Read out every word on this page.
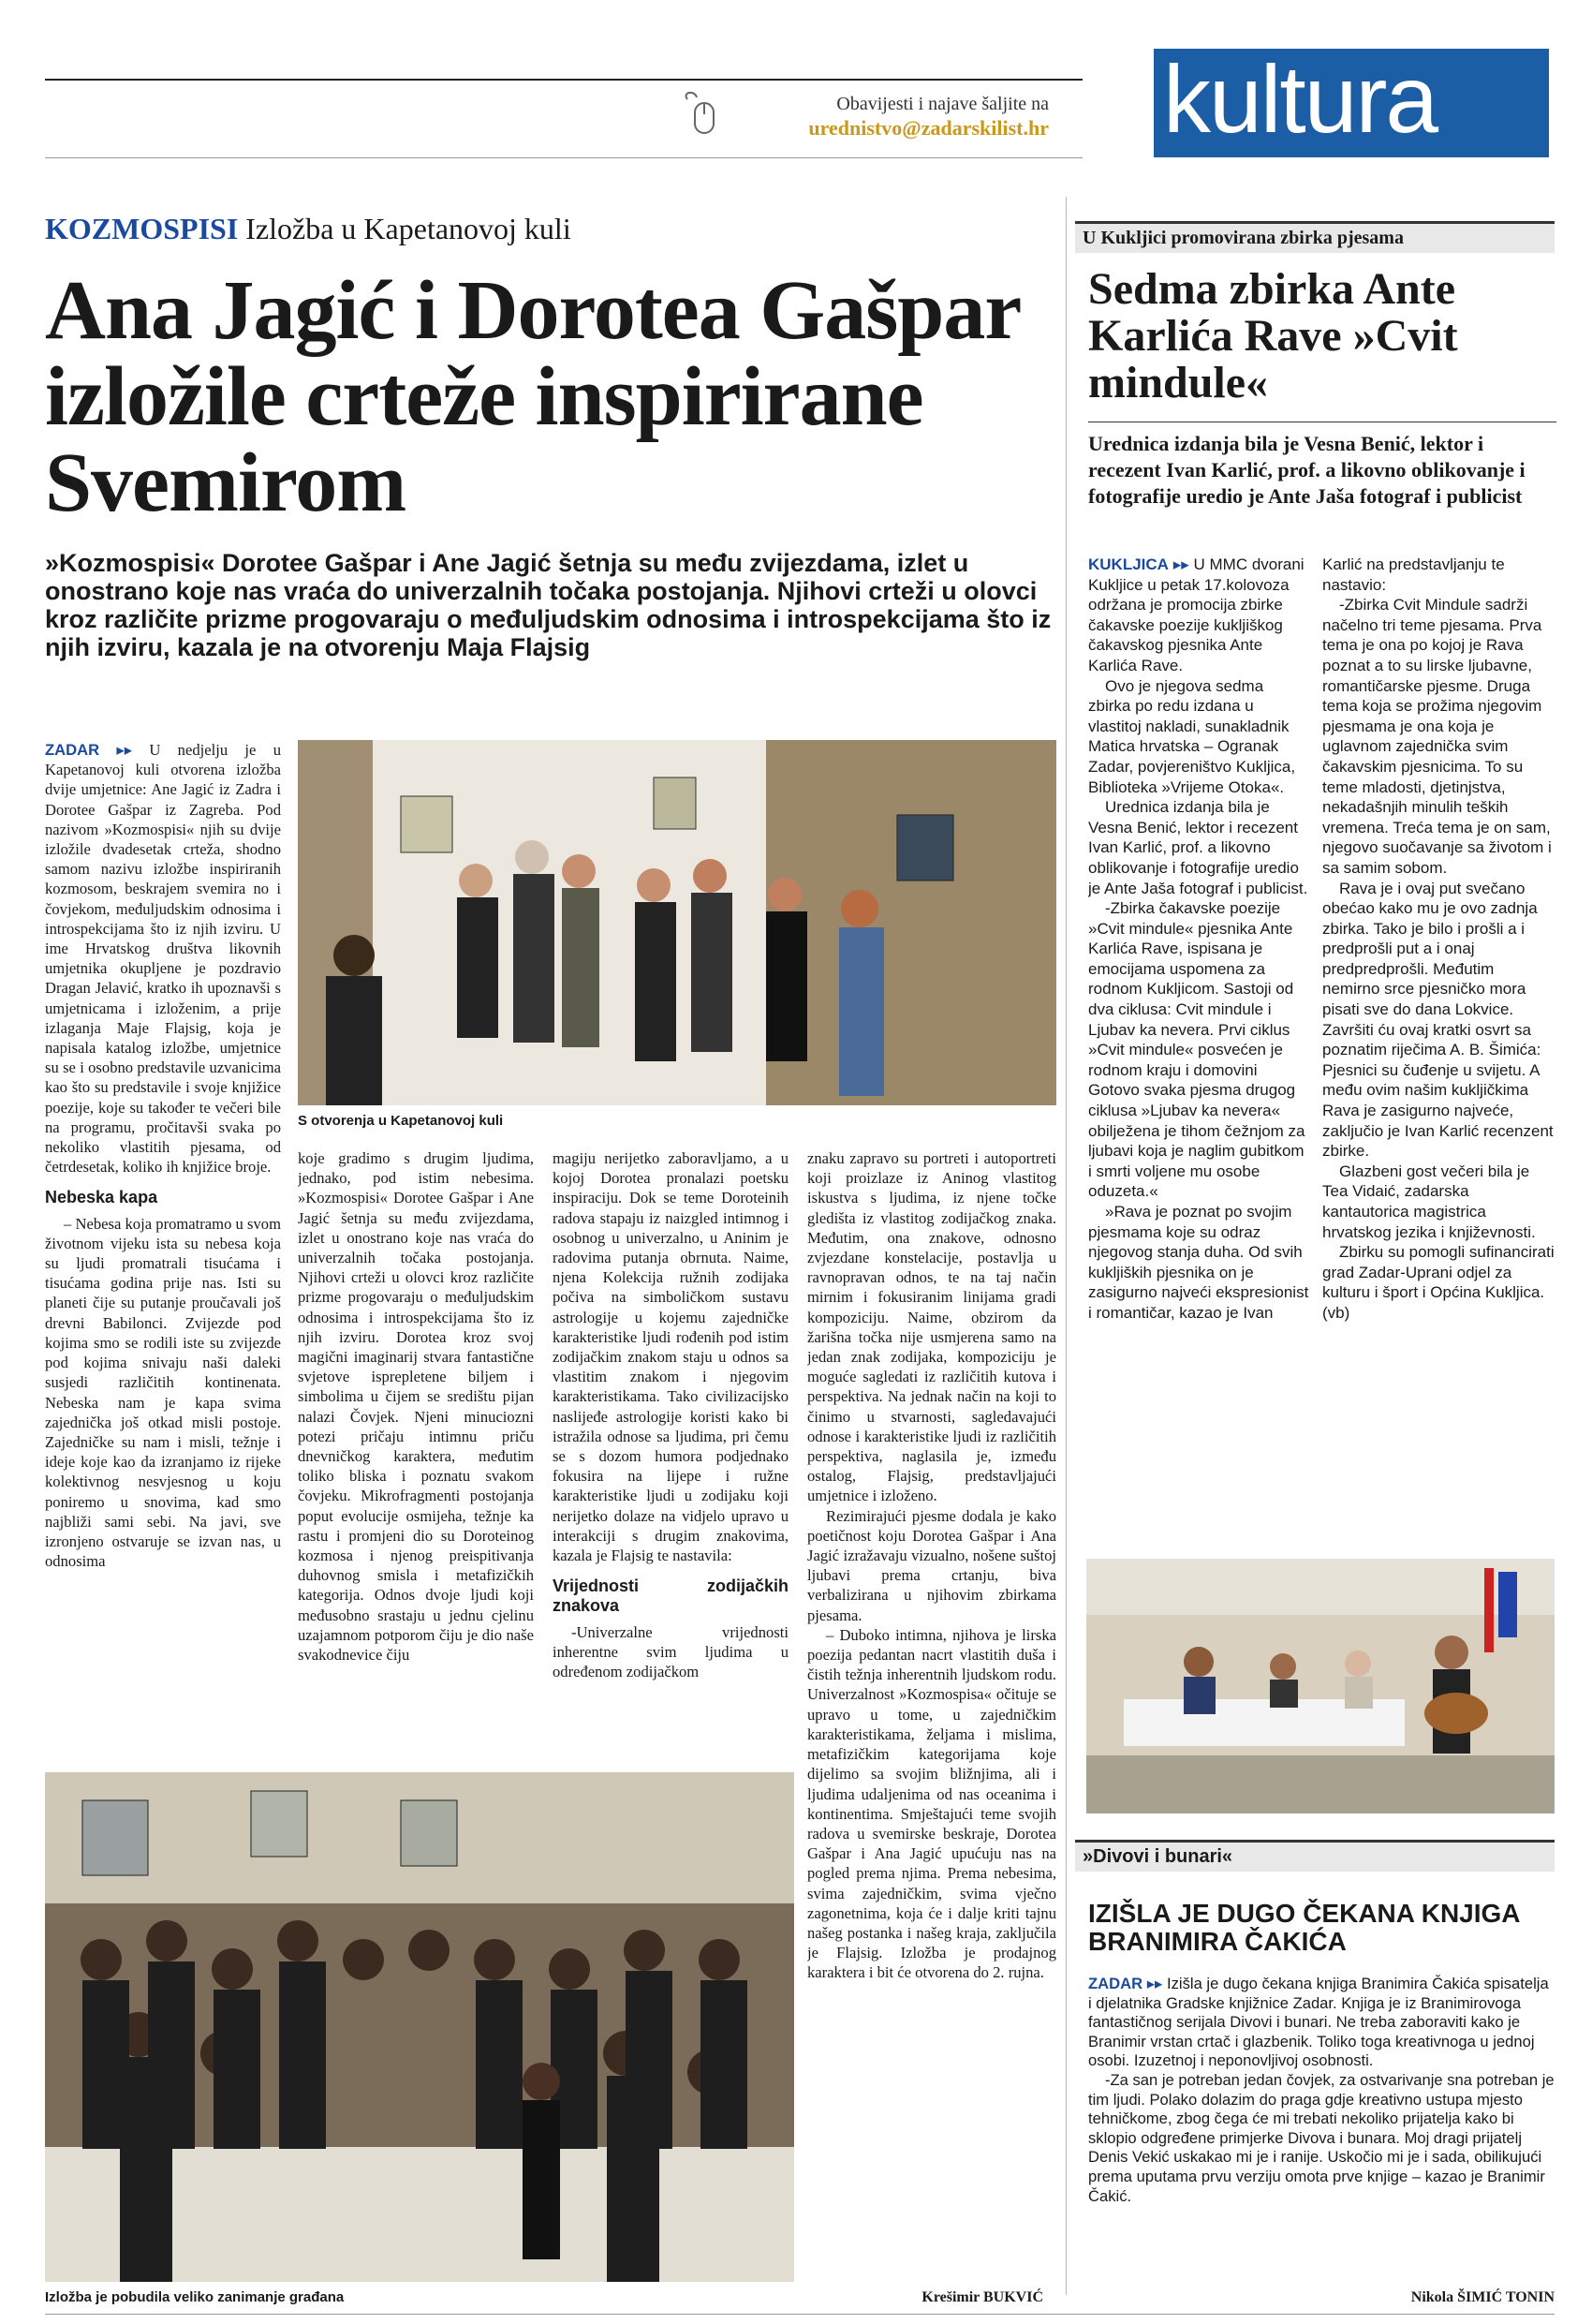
Obavijesti i najave šaljite na
urednistvo@zadarskilist.hr kultura
KOZMOSPISI Izložba u Kapetanovoj kuli
Ana Jagić i Dorotea Gašpar izložile crteže inspirirane Svemirom
»Kozmospisi« Dorotee Gašpar i Ane Jagić šetnja su među zvijezdama, izlet u onostrano koje nas vraća do univerzalnih točaka postojanja. Njihovi crteži u olovci kroz različite prizme progovaraju o međuljudskim odnosima i introspekcijama što iz njih izviru, kazala je na otvorenju Maja Flajsig

ZADAR ▸▸ U nedjelju je u Kapetanovoj kuli otvorena izložba dvije umjetnice: Ane Jagić iz Zadra i Dorotee Gašpar iz Zagreba. Pod nazivom »Kozmospisi« njih su dvije izložile dvadesetak crteža, shodno samom nazivu izložbe inspiriranih kozmosom, beskrajem svemira no i čovjekom, međuljudskim odnosima i introspekcijama što iz njih izviru. U ime Hrvatskog društva likovnih umjetnika okupljene je pozdravio Dragan Jelavić, kratko ih upoznavši s umjetnicama i izloženim, a prije izlaganja Maje Flajsig, koja je napisala katalog izložbe, umjetnice su se i osobno predstavile uzvanicima kao što su predstavile i svoje knjižice poezije, koje su također te večeri bile na programu, pročitavši svaka po nekoliko vlastitih pjesama, od četrdesetak, koliko ih knjižice broje.

Nebeska kapa

– Nebesa koja promatramo u svom životnom vijeku ista su nebesa koja su ljudi promatrali tisućama i tisućama godina prije nas. Isti su planeti čije su putanje proučavali još drevni Babilonci. Zvijezde pod kojima smo se rodili iste su zvijezde pod kojima snivaju naši daleki susjedi različitih kontinenata. Nebeska nam je kapa svima zajednička još otkad misli postoje. Zajedničke su nam i misli, težnje i ideje koje kao da izranjamo iz rijeke kolektivnog nesvjesnog u koju poniremo u snovima, kad smo najbliži sami sebi. Na javi, sve izronjeno ostvaruje se izvan nas, u odnosima

S otvorenja u Kapetanovoj kuli

koje gradimo s drugim ljudima, jednako, pod istim nebesima. »Kozmospisi« Dorotee Gašpar i Ane Jagić šetnja su među zvijezdama, izlet u onostrano koje nas vraća do univerzalnih točaka postojanja. Njihovi crteži u olovci kroz različite prizme progovaraju o međuljudskim odnosima i introspekcijama što iz njih izviru. Dorotea kroz svoj magični imaginarij stvara fantastične svjetove isprepletene biljem i simbolima u čijem se središtu pijan nalazi Čovjek. Njeni minuciozni potezi pričaju intimnu priču dnevničkog karaktera, međutim toliko bliska i poznatu svakom čovjeku. Mikrofragmenti postojanja poput evolucije osmijeha, težnje ka rastu i promjeni dio su Doroteinog kozmosa i njenog preispitivanja duhovnog smisla i metafizičkih kategorija. Odnos dvoje ljudi koji međusobno srastaju u jednu cjelinu uzajamnom potporom čiju je dio naše svakodnevice čiju

magiju nerijetko zaboravljamo, a u kojoj Dorotea pronalazi poetsku inspiraciju. Dok se teme Doroteinih radova stapaju iz naizgled intimnog i osobnog u univerzalno, u Aninim je radovima putanja obrnuta. Naime, njena Kolekcija ružnih zodijaka počiva na simboličkom sustavu astrologije u kojemu zajedničke karakteristike ljudi rođenih pod istim zodijačkim znakom staju u odnos sa vlastitim znakom i njegovim karakteristikama. Tako civilizacijsko naslijeđe astrologije koristi kako bi istražila odnose sa ljudima, pri čemu se s dozom humora podjednako fokusira na lijepe i ružne karakteristike ljudi u zodijaku koji nerijetko dolaze na vidjelo upravo u interakciji s drugim znakovima, kazala je Flajsig te nastavila:

Vrijednosti zodijačkih znakova

-Univerzalne vrijednosti inherentne svim ljudima u određenom zodijačkom

znaku zapravo su portreti i autoportreti koji proizlaze iz Aninog vlastitog iskustva s ljudima, iz njene točke gledišta iz vlastitog zodijačkog znaka. Međutim, ona znakove, odnosno zvjezdane konstelacije, postavlja u ravnopravan odnos, te na taj način mirnim i fokusiranim linijama gradi kompoziciju. Naime, obzirom da žarišna točka nije usmjerena samo na jedan znak zodijaka, kompoziciju je moguće sagledati iz različitih kutova i perspektiva. Na jednak način na koji to činimo u stvarnosti, sagledavajući odnose i karakteristike ljudi iz različitih perspektiva, naglasila je, između ostalog, Flajsig, predstavljajući umjetnice i izloženo.

Rezimirajući pjesme dodala je kako poetičnost koju Dorotea Gašpar i Ana Jagić izražavaju vizualno, nošene suštoj ljubavi prema crtanju, biva verbalizirana u njihovim zbirkama pjesama.

– Duboko intimna, njihova je lirska poezija pedantan nacrt vlastitih duša i čistih težnja inherentnih ljudskom rodu. Univerzalnost »Kozmospisa« očituje se upravo u tome, u zajedničkim karakteristikama, željama i mislima, metafizičkim kategorijama koje dijelimo sa svojim bližnjima, ali i ljudima udaljenima od nas oceanima i kontinentima. Smještajući teme svojih radova u svemirske beskraje, Dorotea Gašpar i Ana Jagić upućuju nas na pogled prema njima. Prema nebesima, svima zajedničkim, svima vječno zagonetnima, koja će i dalje kriti tajnu našeg postanka i našeg kraja, zaključila je Flajsig. Izložba je prodajnog karaktera i bit će otvorena do 2. rujna.

Izložba je pobudila veliko zanimanje građana	Krešimir BUKVIĆ
U Kukljici promovirana zbirka pjesama
Sedma zbirka Ante Karlića Rave »Cvit mindule«
Urednica izdanja bila je Vesna Benić, lektor i recezent Ivan Karlić, prof. a likovno oblikovanje i fotografije uredio je Ante Jaša fotograf i publicist

KUKLJICA ▸▸ U MMC dvorani Kukljice u petak 17.kolovoza održana je promocija zbirke čakavske poezije kukljiškog čakavskog pjesnika Ante Karlića Rave.

Ovo je njegova sedma zbirka po redu izdana u vlastitoj nakladi, sunakladnik Matica hrvatska – Ogranak Zadar, povjereništvo Kukljica, Biblioteka »Vrijeme Otoka«.

Urednica izdanja bila je Vesna Benić, lektor i recezent Ivan Karlić, prof. a likovno oblikovanje i fotografije uredio je Ante Jaša fotograf i publicist.

-Zbirka čakavske poezije »Cvit mindule« pjesnika Ante Karlića Rave, ispisana je emocijama uspomena za rodnom Kukljicom. Sastoji od dva ciklusa: Cvit mindule i Ljubav ka nevera. Prvi ciklus »Cvit mindule« posvećen je rodnom kraju i domovini Gotovo svaka pjesma drugog ciklusa »Ljubav ka nevera« obilježena je tihom čežnjom za ljubavi koja je naglim gubitkom i smrti voljene mu osobe oduzeta.«

»Rava je poznat po svojim pjesmama koje su odraz njegovog stanja duha. Od svih kukljiških pjesnika on je zasigurno najveći ekspresionist i romantičar, kazao je Ivan

Karlić na predstavljanju te nastavio:

-Zbirka Cvit Mindule sadrži načelno tri teme pjesama. Prva tema je ona po kojoj je Rava poznat a to su lirske ljubavne, romantičarske pjesme. Druga tema koja se prožima njegovim pjesmama je ona koja je uglavnom zajednička svim čakavskim pjesnicima. To su teme mladosti, djetinjstva, nekadašnjih minulih teških vremena. Treća tema je on sam, njegovo suočavanje sa životom i sa samim sobom.

Rava je i ovaj put svečano obećao kako mu je ovo zadnja zbirka. Tako je bilo i prošli a i predprošli put a i onaj predpredprošli. Međutim nemirno srce pjesničko mora pisati sve do dana Lokvice. Završiti ću ovaj kratki osvrt sa poznatim riječima A. B. Šimića: Pjesnici su čuđenje u svijetu. A među ovim našim kukljičkima Rava je zasigurno najveće, zaključio je Ivan Karlić recenzent zbirke.

Glazbeni gost večeri bila je Tea Vidaić, zadarska kantautorica magistrica hrvatskog jezika i književnosti.

Zbirku su pomogli sufinancirati grad Zadar-Uprani odjel za kulturu i šport i Općina Kukljica.(vb)

»Divovi i bunari«
IZIŠLA JE DUGO ČEKANA KNJIGA BRANIMIRA ČAKIĆA

ZADAR ▸▸ Izišla je dugo čekana knjiga Branimira Čakića spisatelja i djelatnika Gradske knjižnice Zadar. Knjiga je iz Branimirovoga fantastičnog serijala Divovi i bunari. Ne treba zaboraviti kako je Branimir vrstan crtač i glazbenik. Toliko toga kreativnoga u jednoj osobi. Izuzetnoj i neponovljivoj osobnosti.

-Za san je potreban jedan čovjek, za ostvarivanje sna potreban je tim ljudi. Polako dolazim do praga gdje kreativno ustupa mjesto tehničkome, zbog čega će mi trebati nekoliko prijatelja kako bi sklopio odgređene primjerke Divova i bunara. Moj dragi prijatelj Denis Vekić uskakao mi je i ranije. Uskočio mi je i sada, obilikujući prema uputama prvu verziju omota prve knjige – kazao je Branimir Čakić.

Nikola ŠIMIĆ TONIN
